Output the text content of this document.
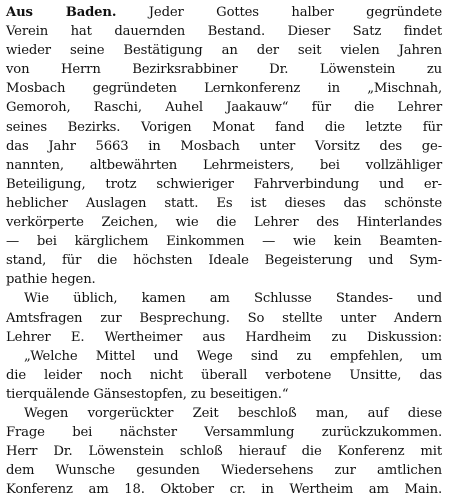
Aus Baden. Jeder Gottes halber gegründete
Verein hat dauernden Bestand. Dieser Satz findet
wieder seine Bestätigung an der seit vielen Jahren
von Herrn Bezirksrabbiner Dr. Löwenstein zu
Mosbach gegründeten Lernkonferenz in „Mischnah,
Gemoroh, Raschi, Auhel Jaakauw“ für die Lehrer
seines Bezirks. Vorigen Monat fand die letzte für
das Jahr 5663 in Mosbach unter Vorsitz des ge-
nannten, altbewährten Lehrmeisters, bei vollzähliger
Beteiligung, trotz schwieriger Fahrverbindung und er-
heblicher Auslagen statt. Es ist dieses das schönste
verkörperte Zeichen, wie die Lehrer des Hinterlandes
— bei kärglichem Einkommen — wie kein Beamten-
stand, für die höchsten Ideale Begeisterung und Sym-
pathie hegen.
Wie üblich, kamen am Schlusse Standes- und
Amtsfragen zur Besprechung. So stellte unter Andern
Lehrer E. Wertheimer aus Hardheim zu Diskussion:
„Welche Mittel und Wege sind zu empfehlen, um
die leider noch nicht überall verbotene Unsitte, das
tierquälende Gänsestopfen, zu beseitigen.“
Wegen vorgerückter Zeit beschloß man, auf diese
Frage bei nächster Versammlung zurückzukommen.
Herr Dr. Löwenstein schloß hierauf die Konferenz mit
dem Wunsche gesunden Wiedersehens zur amtlichen
Konferenz am 18. Oktober cr. in Wertheim am Main.
